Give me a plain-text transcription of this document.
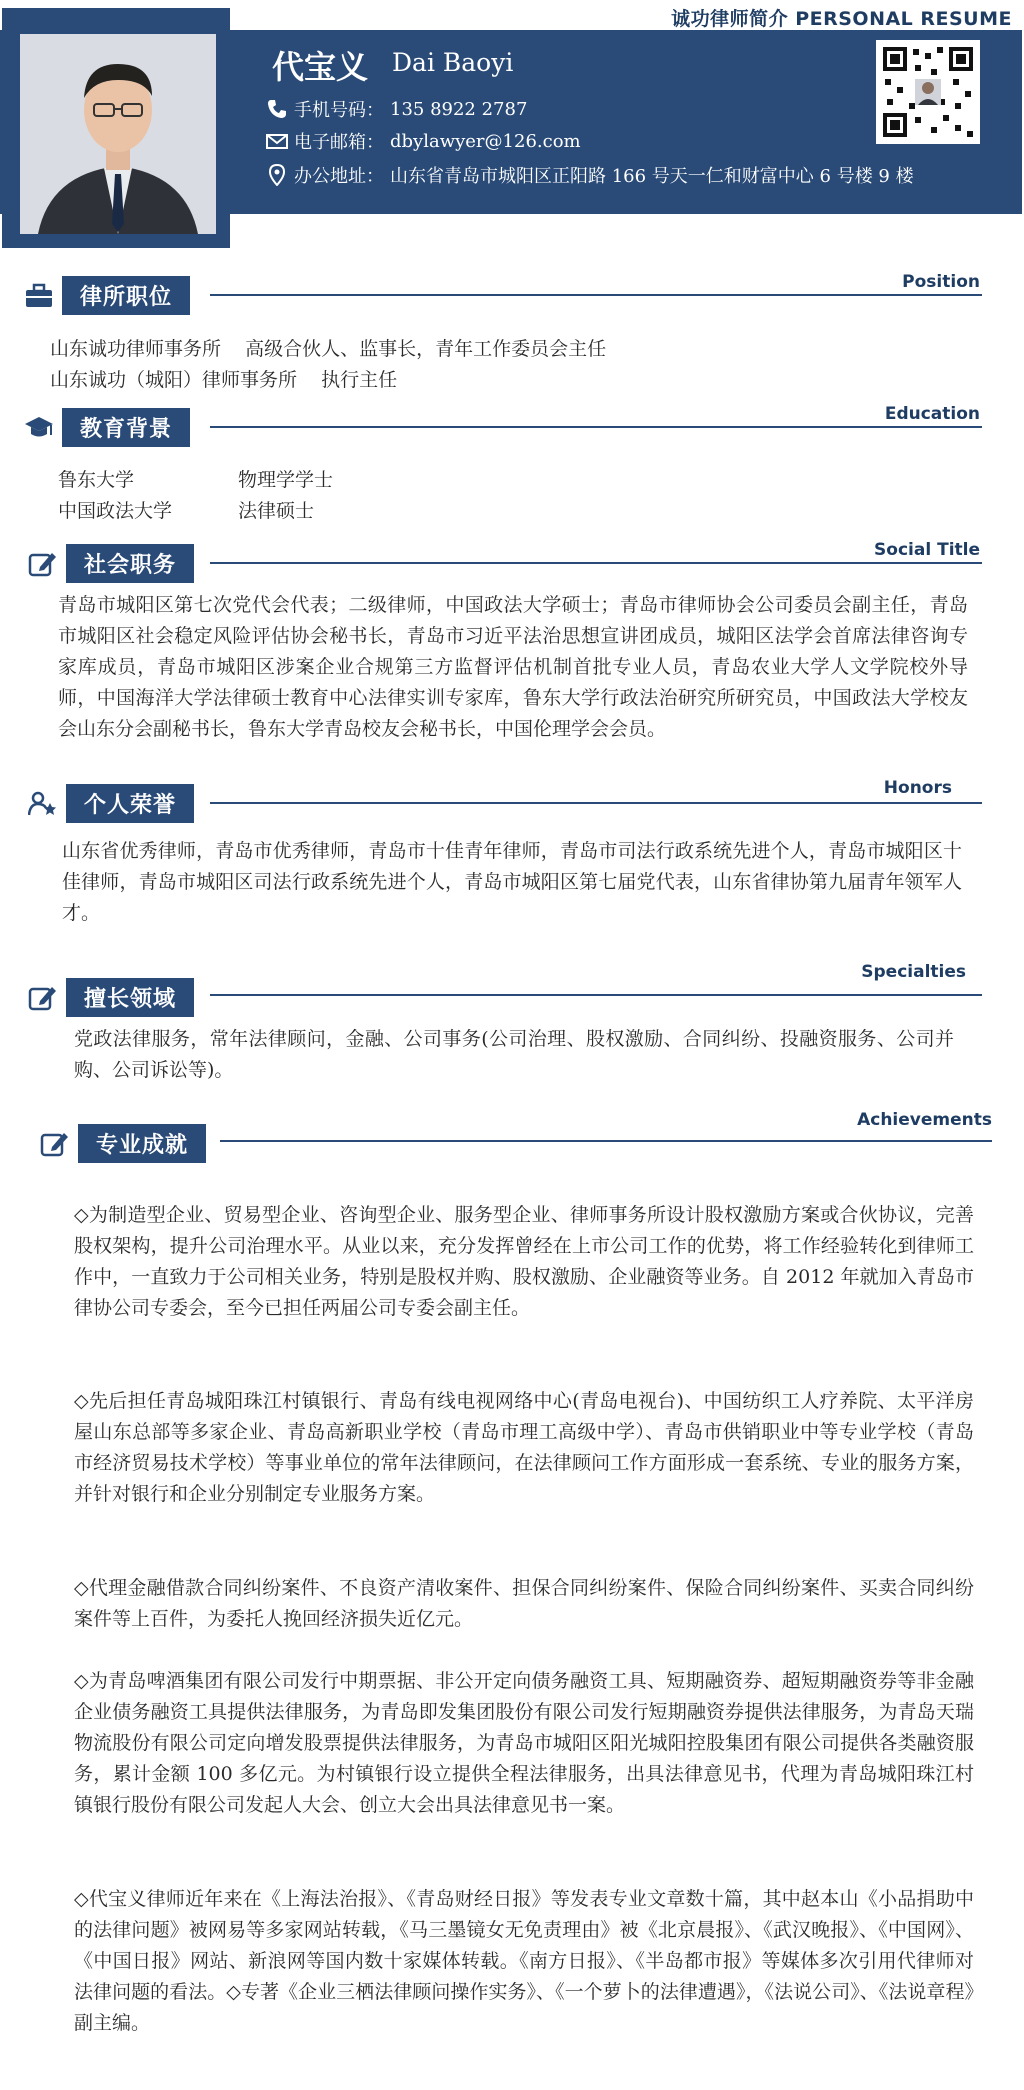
诚功律师简介 PERSONAL RESUME
代宝义 Dai Baoyi
手机号码： 135 8922 2787
电子邮箱： dbylawyer@126.com
办公地址： 山东省青岛市城阳区正阳路 166 号天一仁和财富中心 6 号楼 9 楼
律所职位
Position
山东诚功律师事务所    高级合伙人、监事长，青年工作委员会主任
山东诚功（城阳）律师事务所    执行主任
教育背景
Education
鲁东大学	物理学学士
中国政法大学	法律硕士
社会职务
Social Title
青岛市城阳区第七次党代会代表；二级律师，中国政法大学硕士；青岛市律师协会公司委员会副主任，青岛市城阳区社会稳定风险评估协会秘书长，青岛市习近平法治思想宣讲团成员，城阳区法学会首席法律咨询专家库成员，青岛市城阳区涉案企业合规第三方监督评估机制首批专业人员，青岛农业大学人文学院校外导师，中国海洋大学法律硕士教育中心法律实训专家库，鲁东大学行政法治研究所研究员，中国政法大学校友会山东分会副秘书长，鲁东大学青岛校友会秘书长，中国伦理学会会员。
个人荣誉
Honors
山东省优秀律师，青岛市优秀律师，青岛市十佳青年律师，青岛市司法行政系统先进个人，青岛市城阳区十佳律师，青岛市城阳区司法行政系统先进个人，青岛市城阳区第七届党代表，山东省律协第九届青年领军人才。
擅长领域
Specialties
党政法律服务，常年法律顾问，金融、公司事务(公司治理、股权激励、合同纠纷、投融资服务、公司并购、公司诉讼等)。
专业成就
Achievements
◇为制造型企业、贸易型企业、咨询型企业、服务型企业、律师事务所设计股权激励方案或合伙协议，完善股权架构，提升公司治理水平。从业以来，充分发挥曾经在上市公司工作的优势，将工作经验转化到律师工作中，一直致力于公司相关业务，特别是股权并购、股权激励、企业融资等业务。自 2012 年就加入青岛市律协公司专委会，至今已担任两届公司专委会副主任。
◇先后担任青岛城阳珠江村镇银行、青岛有线电视网络中心(青岛电视台)、中国纺织工人疗养院、太平洋房屋山东总部等多家企业、青岛高新职业学校（青岛市理工高级中学）、青岛市供销职业中等专业学校（青岛市经济贸易技术学校）等事业单位的常年法律顾问，在法律顾问工作方面形成一套系统、专业的服务方案，并针对银行和企业分别制定专业服务方案。
◇代理金融借款合同纠纷案件、不良资产清收案件、担保合同纠纷案件、保险合同纠纷案件、买卖合同纠纷案件等上百件，为委托人挽回经济损失近亿元。
◇为青岛啤酒集团有限公司发行中期票据、非公开定向债务融资工具、短期融资券、超短期融资券等非金融企业债务融资工具提供法律服务，为青岛即发集团股份有限公司发行短期融资券提供法律服务，为青岛天瑞物流股份有限公司定向增发股票提供法律服务，为青岛市城阳区阳光城阳控股集团有限公司提供各类融资服务，累计金额 100 多亿元。为村镇银行设立提供全程法律服务，出具法律意见书，代理为青岛城阳珠江村镇银行股份有限公司发起人大会、创立大会出具法律意见书一案。
◇代宝义律师近年来在《上海法治报》、《青岛财经日报》等发表专业文章数十篇，其中赵本山《小品捐助中的法律问题》被网易等多家网站转载，《马三墨镜女无免责理由》被《北京晨报》、《武汉晚报》、《中国网》、《中国日报》网站、新浪网等国内数十家媒体转载。《南方日报》、《半岛都市报》等媒体多次引用代律师对法律问题的看法。◇专著《企业三栖法律顾问操作实务》、《一个萝卜的法律遭遇》，《法说公司》、《法说章程》副主编。
